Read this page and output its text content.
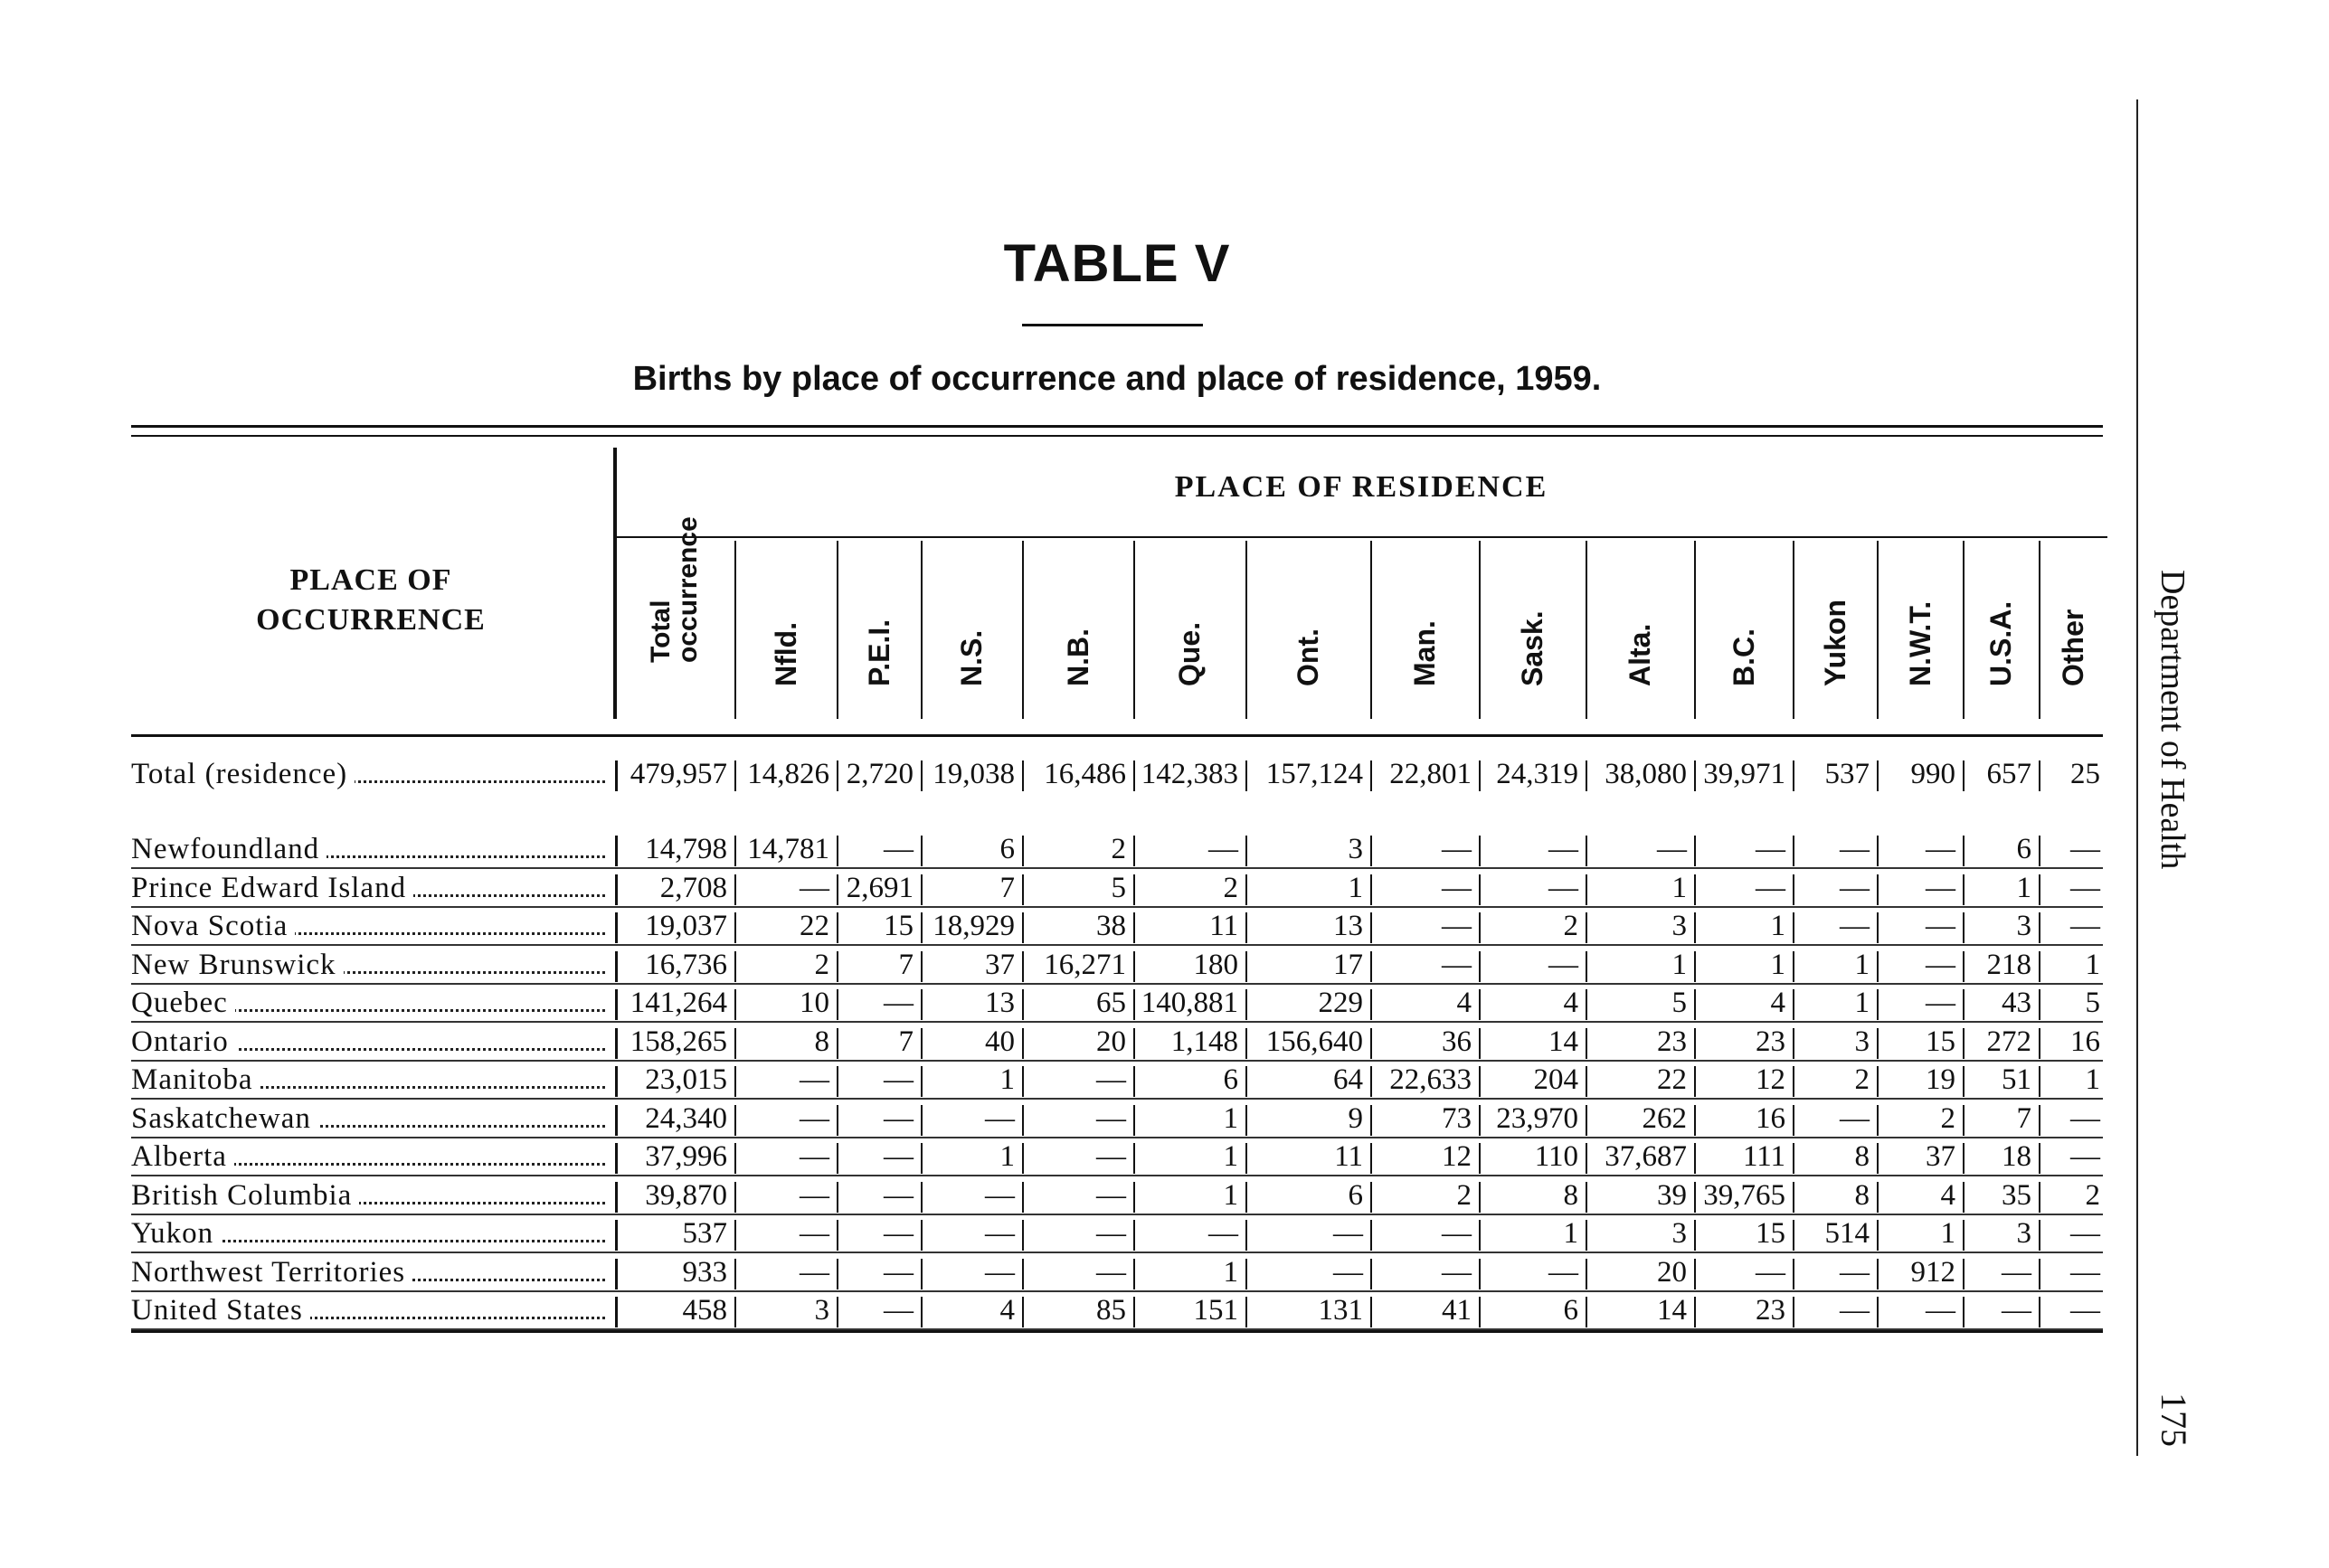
TABLE V
Births by place of occurrence and place of residence, 1959.
PLACE OF
OCCURRENCE
PLACE OF RESIDENCE
Total occurrence Nfld. P.E.I. N.S.	N.B.	Que.	Ont.	Man.	Sask.	Alta. B.C. Yukon N.W.T. U.S.A. Other
Total (residence)	479,957 14,826 2,720 19,038 16,486 142,383 157,124 22,801 24,319 38,080 39,971	537	990	657	25
Newfoundland	14,798 14,781	—	6	2	—	3	—	—	—	—	—	—	6	—
Prince Edward Island	2,708	— 2,691	7	5	2	1	—	—	1	—	—	—	1	—
Nova Scotia	19,037	22	15 18,929	38	11	13	—	2	3	1	—	—	3	—
New Brunswick	16,736	2	7	37 16,271	180	17	—	—	1	1	1	—	218	1
Quebec	141,264	10	—	13	65 140,881	229	4	4	5	4	1	—	43	5
Ontario	158,265	8	7	40	20	1,148 156,640	36	14	23	23	3	15	272	16
Manitoba	23,015	—	—	1	—	6	64 22,633	204	22	12	2	19	51	1
Saskatchewan	24,340	—	—	—	—	1	9	73 23,970	262	16	—	2	7	—
Alberta	37,996	—	—	1	—	1	11	12	110 37,687	111	8	37	18	—
British Columbia	39,870	—	—	—	—	1	6	2	8	39 39,765	8	4	35	2
Yukon	537	—	—	—	—	—	—	—	1	3	15	514	1	3	—
Northwest Territories	933	—	—	—	—	1	—	—	—	20	—	—	912	—	—
United States	458	3	—	4	85	151	131	41	6	14	23	—	—	—	—
Department of Health
175
